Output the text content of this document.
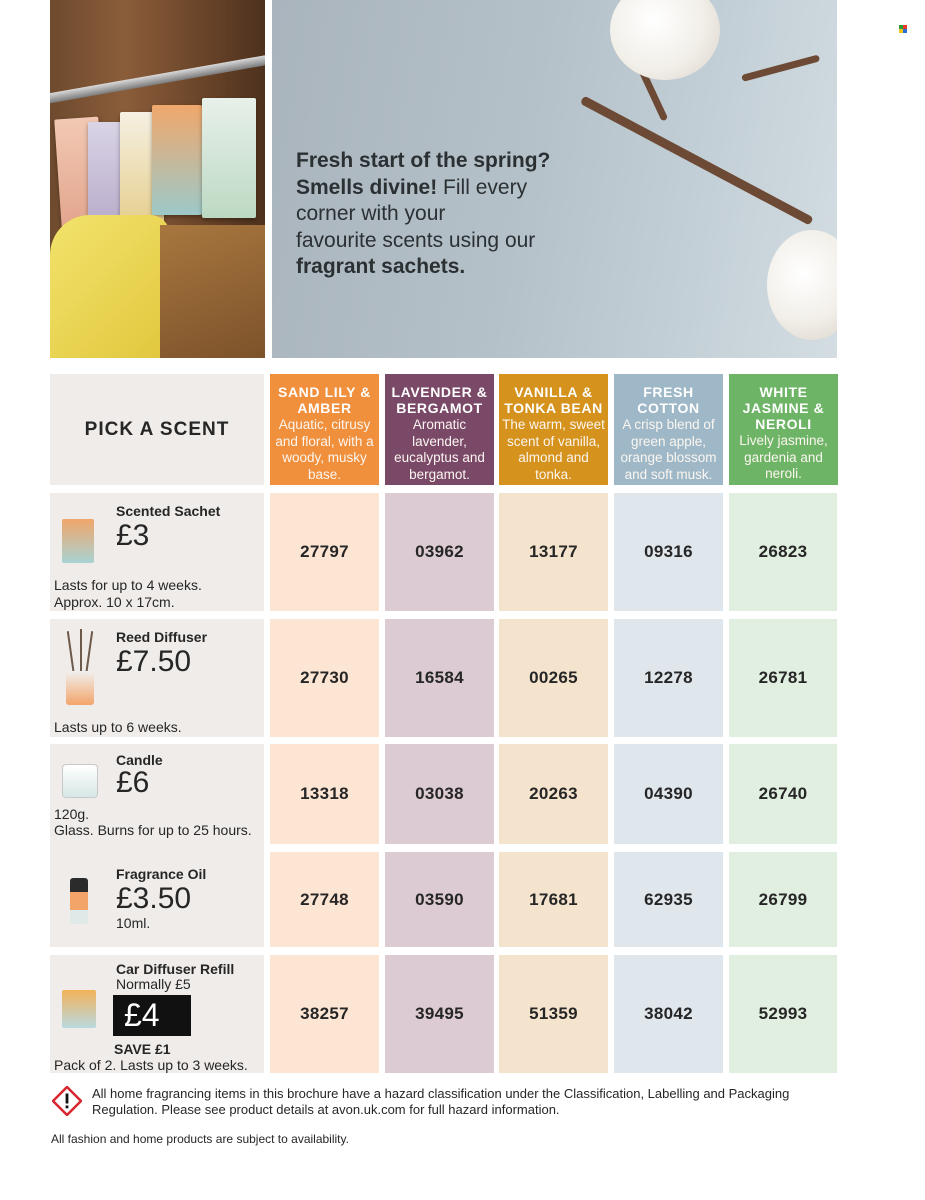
Fresh start of the spring?
Smells divine! Fill every
corner with your
favourite scents using our
fragrant sachets.
PICK A SCENT
SAND LILY & AMBER
Aquatic, citrusy and floral, with a woody, musky base.
LAVENDER & BERGAMOT
Aromatic lavender, eucalyptus and bergamot.
VANILLA & TONKA BEAN
The warm, sweet scent of vanilla, almond and tonka.
FRESH COTTON
A crisp blend of green apple, orange blossom and soft musk.
WHITE JASMINE & NEROLI
Lively jasmine, gardenia and neroli.
Scented Sachet
£3
Lasts for up to 4 weeks.
Approx. 10 x 17cm.
27797	03962	13177	09316	26823
Reed Diffuser
£7.50
Lasts up to 6 weeks.
27730	16584	00265	12278	26781
Candle
£6
120g.
Glass. Burns for up to 25 hours.
13318	03038	20263	04390	26740
Fragrance Oil
£3.50
10ml.
27748	03590	17681	62935	26799
Car Diffuser Refill
Normally £5
£4
SAVE £1
Pack of 2. Lasts up to 3 weeks.
38257	39495	51359	38042	52993
All home fragrancing items in this brochure have a hazard classification under the Classification, Labelling and Packaging Regulation. Please see product details at avon.uk.com for full hazard information.
All fashion and home products are subject to availability.
